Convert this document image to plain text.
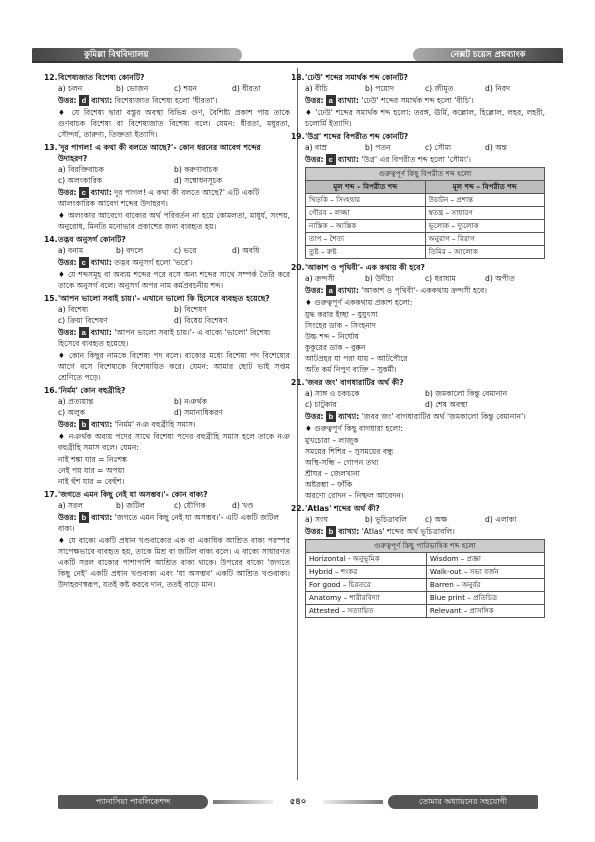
কুমিল্লা বিশ্ববিদ্যালয়	নেক্সট চয়েস প্রশ্নব্যাংক
12.বিশেষ্যজাত বিশেষ্য কোনটি?
a) চলন	b) ভোজন	c) শয়ন	d) ধীরতা
উত্তর: d ব্যাখ্যা: বিশেষ্যজাত বিশেষ্য হলো 'ধীরতা'।
♦ যে বিশেষ্য দ্বারা বস্তুর অবস্থা বিভিন্ন গুণ, বৈশিষ্ট্য প্রকাশ পায় তাকে গুণবাচক বিশেষ্য বা বিশেষ্যজাত বিশেষ্য বলে। যেমন: ধীরতা, মধুরতা, সৌন্দর্য, তারুণ্য, তিক্ততা ইত্যাদি।
13.'দূর পাগল! এ কথা কী বলতে আছে?'- কোন ধরনের আবেগ শব্দের উদাহরণ?
a) বিরক্তিবাচক	b) করুণাবাচক
c) অলংকারিক	d) সম্বোধনসূচক
উত্তর: c ব্যাখ্যা: দূর পাগল! এ কথা কী বলতে আছে?' এটি একটি আলংকারিক আবেগ শব্দের উদাহরণ।
♦ অলংকার আবেগে বাক্যের অর্থ পরিবর্তন না হয়ে কোমলতা, মাধুর্য, সংশয়, অনুরোধ, মিনতি মনোভাব প্রকাশের জন্য ব্যবহৃত হয়।
14.তদ্ভব অনুসর্গ কোনটি?
a) বনাম	b) বদলে	c) ভরে	d) অবধি
উত্তর: c ব্যাখ্যা: তদ্ভব অনুসর্গ হলো 'ভরে'।
♦ যে শব্দসমূহ বা অব্যয় শব্দের পরে বসে অন্য শব্দের সাথে সম্পর্ক তৈরি করে তাকে অনুসর্গ বলে। অনুসর্গ অপর নাম কর্মপ্রবচনীয় শব্দ।
15.'আপন ভালো সবাই চায়।'- এখানে ভালো কি হিসেবে ব্যবহৃত হয়েছে?
a) বিশেষ্য	b) বিশেষণ
c) ক্রিয়া বিশেষণ	d) বিধেয় বিশেষণ
উত্তর: a ব্যাখ্যা: 'আপন ভালো সবাই চায়।'- এ বাক্যে 'ভালো' বিশেষ্য হিসেবে ব্যবহৃত হয়েছে।
♦ কোন কিছুর নামকে বিশেষ্য পদ বলে। বাক্যের মধ্যে বিশেষ্য পদ বিশেষ্যের আগে বসে বিশেষ্যকে বিশেষায়িত করে। যেমন: আমার ছোট ভাই সপ্তম শ্রেণিতে পড়ে।
16.'নির্মম' কোন বহুব্রীহি?
a) প্রত্যয়ান্ত	b) নঞর্থক
c) অলুক	d) সমানাধিকরণ
উত্তর: b ব্যাখ্যা: 'নির্মম' নঞ বহুব্রীহি সমাস।
♦ নঞর্থক অব্যয় পদের সাথে বিশেষ্য পদের বহুব্রীহি সমাস হলে তাকে নঞ বহুব্রীহি সমাস বলে। যেমন:
নাই শঙ্কা যার = নিঃশঙ্ক
নেই পয় যার = অপয়া
নাই হুঁশ যার = বেহুঁশ।
17.'জগতে এমন কিছু নেই যা অসম্ভব।'- কোন বাক্য?
a) সরল	b) জটিল	c) যৌগিক	d) খণ্ড
উত্তর: b ব্যাখ্যা: 'জগতে এমন কিছু নেই যা অসম্ভব।'- এটি একটি জটিল বাক্য।
♦ যে বাক্যে একটি প্রধান খণ্ডবাক্যের এক বা একাধিক আশ্রিত বাক্য পরস্পর সাপেক্ষভাবে ব্যবহৃত হয়, তাকে মিশ্র বা জটিল বাক্য বলে। এ বাক্যে সাধারণত একটি সরল বাক্যের পাশাপাশি আশ্রিত বাক্য থাকে। উপরের বাক্যে 'জগতে কিছু নেই' একটি প্রধান খণ্ডবাক্য এবং 'যা অসম্ভব' একটি আশ্রিত খণ্ডবাক্য। উদাহরণস্বরূপ, যতই কষ্ট করবে দান, ততই বাড়ে মান।
18.'ঢেউ' শব্দের সমার্থক শব্দ কোনটি?
a) বীচি	b) পয়োদ	c) জীমূত	d) নিরদ
উত্তর: a ব্যাখ্যা: 'ঢেউ' শব্দের সমার্থক শব্দ হলো 'বীচি'।
♦ 'ঢেউ' শব্দের সমার্থক শব্দ হলো: তরঙ্গ, ঊর্মি, কল্লোল, হিল্লোল, লহর, লহরী, চলোর্মি ইত্যাদি।
19.'উগ্র' শব্দের বিপরীত শব্দ কোনটি?
a) বাম্র	b) পতন	c) সৌম্য	d) অন্ত
উত্তর: c ব্যাখ্যা: 'উগ্র' এর বিপরীত শব্দ হলো 'সৌম্য'।
গুরুত্বপূর্ণ কিছু বিপরীত শব্দ হলো	
মূল শব্দ – বিপরীত শব্দ	মূল শব্দ – বিপরীত শব্দ
খিড়কি – সিংহদ্বার	উচাটন – প্রশান্ত
গৌরব – লজ্জা	স্বতন্ত্র – সাধারণ
নাস্তিক – আস্তিক	ভূলোক – দ্যুলোক
তাপ – শৈত্য	অনুরাগ – বিরাগ
তুষ্ট – রুষ্ট	তিমির – আলোক
20.'আকাশ ও পৃথিবী'- এক কথায় কী হবে?
a) ক্রন্দসী	b) উদীচ্য	c) ধরাধাম	d) অপীত
উত্তর: a ব্যাখ্যা: 'আকাশ ও পৃথিবী'- এককথায় ক্রন্দসী হবে।
♦ গুরুত্বপূর্ণ এককথায় প্রকাশ হলো:
যুদ্ধ করার ইচ্ছা – যুযুৎসা
সিংহের ডাক – সিংহনাদ
উচ্চ শব্দ – নির্ঘোষ
কুকুরের ডাক – বুক্কন
আটপ্রহর যা পরা যায় – আটপৌরে
অতি কর্ম নিপুণ ব্যক্তি – সুকর্মী।
21.'জবর জং' বাগধারাটির অর্থ কী?
a) সাঙ্গ ও চকচকে	b) জমকালো কিন্তু বেমানান
c) চাটুকার	d) শেষ অবস্থা
উত্তর: b ব্যাখ্যা: 'জবর জং' বাগধারাটির অর্থ 'জমকালো কিন্তু বেমানান'।
♦ গুরুত্বপূর্ণ কিছু বাগধারা হলো:
মুখচোরা – লাজুক
সময়ের শিশির – সুসময়ের বন্ধু
অস্থি-সন্ধি – গোপন তথ্য
শ্রীঘর – জেলখানা
অষ্টরম্ভা – ফাঁকি
অরণ্যে রোদন – নিষ্ফল আবেদন।
22.'Atlas' শব্দের অর্থ কী?
a) সংঘ	b) ভূচিত্রাবলি	c) অক্ষ	d) এলাকা
উত্তর: b ব্যাখ্যা: 'Atlas' শব্দের অর্থ ভূচিত্রাবলি।
গুরুত্বপূর্ণ কিছু পারিভাষিক শব্দ হলো	
Horizontal - অনুভূমিক	Wisdom – প্রজ্ঞা
Hybrid – শংকর	Walk-out – সভা বর্জন
For good – চিরতরে	Barren – অনুর্বর
Anatomy – শারীরবিদ্যা	Blue print – প্রতিচিত্র
Attested – সত্যায়িত	Relevant – প্রাসঙ্গিক
প্যানাসিয়া পাবলিকেশন্স	৫৪০	তোমার অধ্যায়নের সহযোগী
